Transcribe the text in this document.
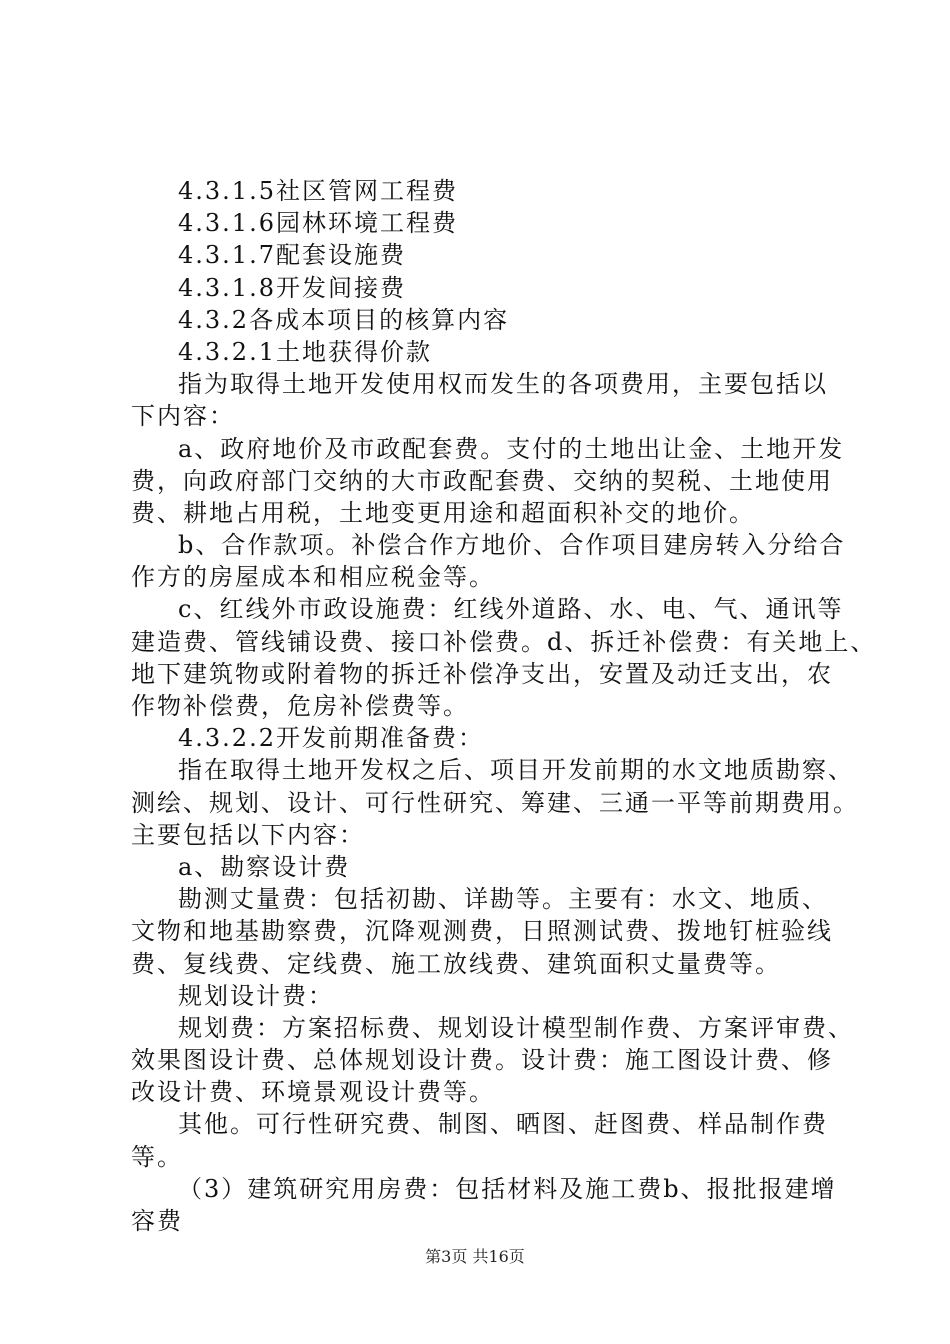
4.3.1.5社区管网工程费
4.3.1.6园林环境工程费
4.3.1.7配套设施费
4.3.1.8开发间接费
4.3.2各成本项目的核算内容
4.3.2.1土地获得价款
指为取得土地开发使用权而发生的各项费用，主要包括以
下内容：
a、政府地价及市政配套费。支付的土地出让金、土地开发
费，向政府部门交纳的大市政配套费、交纳的契税、土地使用
费、耕地占用税，土地变更用途和超面积补交的地价。
b、合作款项。补偿合作方地价、合作项目建房转入分给合
作方的房屋成本和相应税金等。
c、红线外市政设施费：红线外道路、水、电、气、通讯等
建造费、管线铺设费、接口补偿费。d、拆迁补偿费：有关地上、
地下建筑物或附着物的拆迁补偿净支出，安置及动迁支出，农
作物补偿费，危房补偿费等。
4.3.2.2开发前期准备费：
指在取得土地开发权之后、项目开发前期的水文地质勘察、
测绘、规划、设计、可行性研究、筹建、三通一平等前期费用。
主要包括以下内容：
a、勘察设计费
勘测丈量费：包括初勘、详勘等。主要有：水文、地质、
文物和地基勘察费，沉降观测费，日照测试费、拨地钉桩验线
费、复线费、定线费、施工放线费、建筑面积丈量费等。
规划设计费：
规划费：方案招标费、规划设计模型制作费、方案评审费、
效果图设计费、总体规划设计费。设计费：施工图设计费、修
改设计费、环境景观设计费等。
其他。可行性研究费、制图、晒图、赶图费、样品制作费
等。
（3）建筑研究用房费：包括材料及施工费b、报批报建增
容费
第3页 共16页
